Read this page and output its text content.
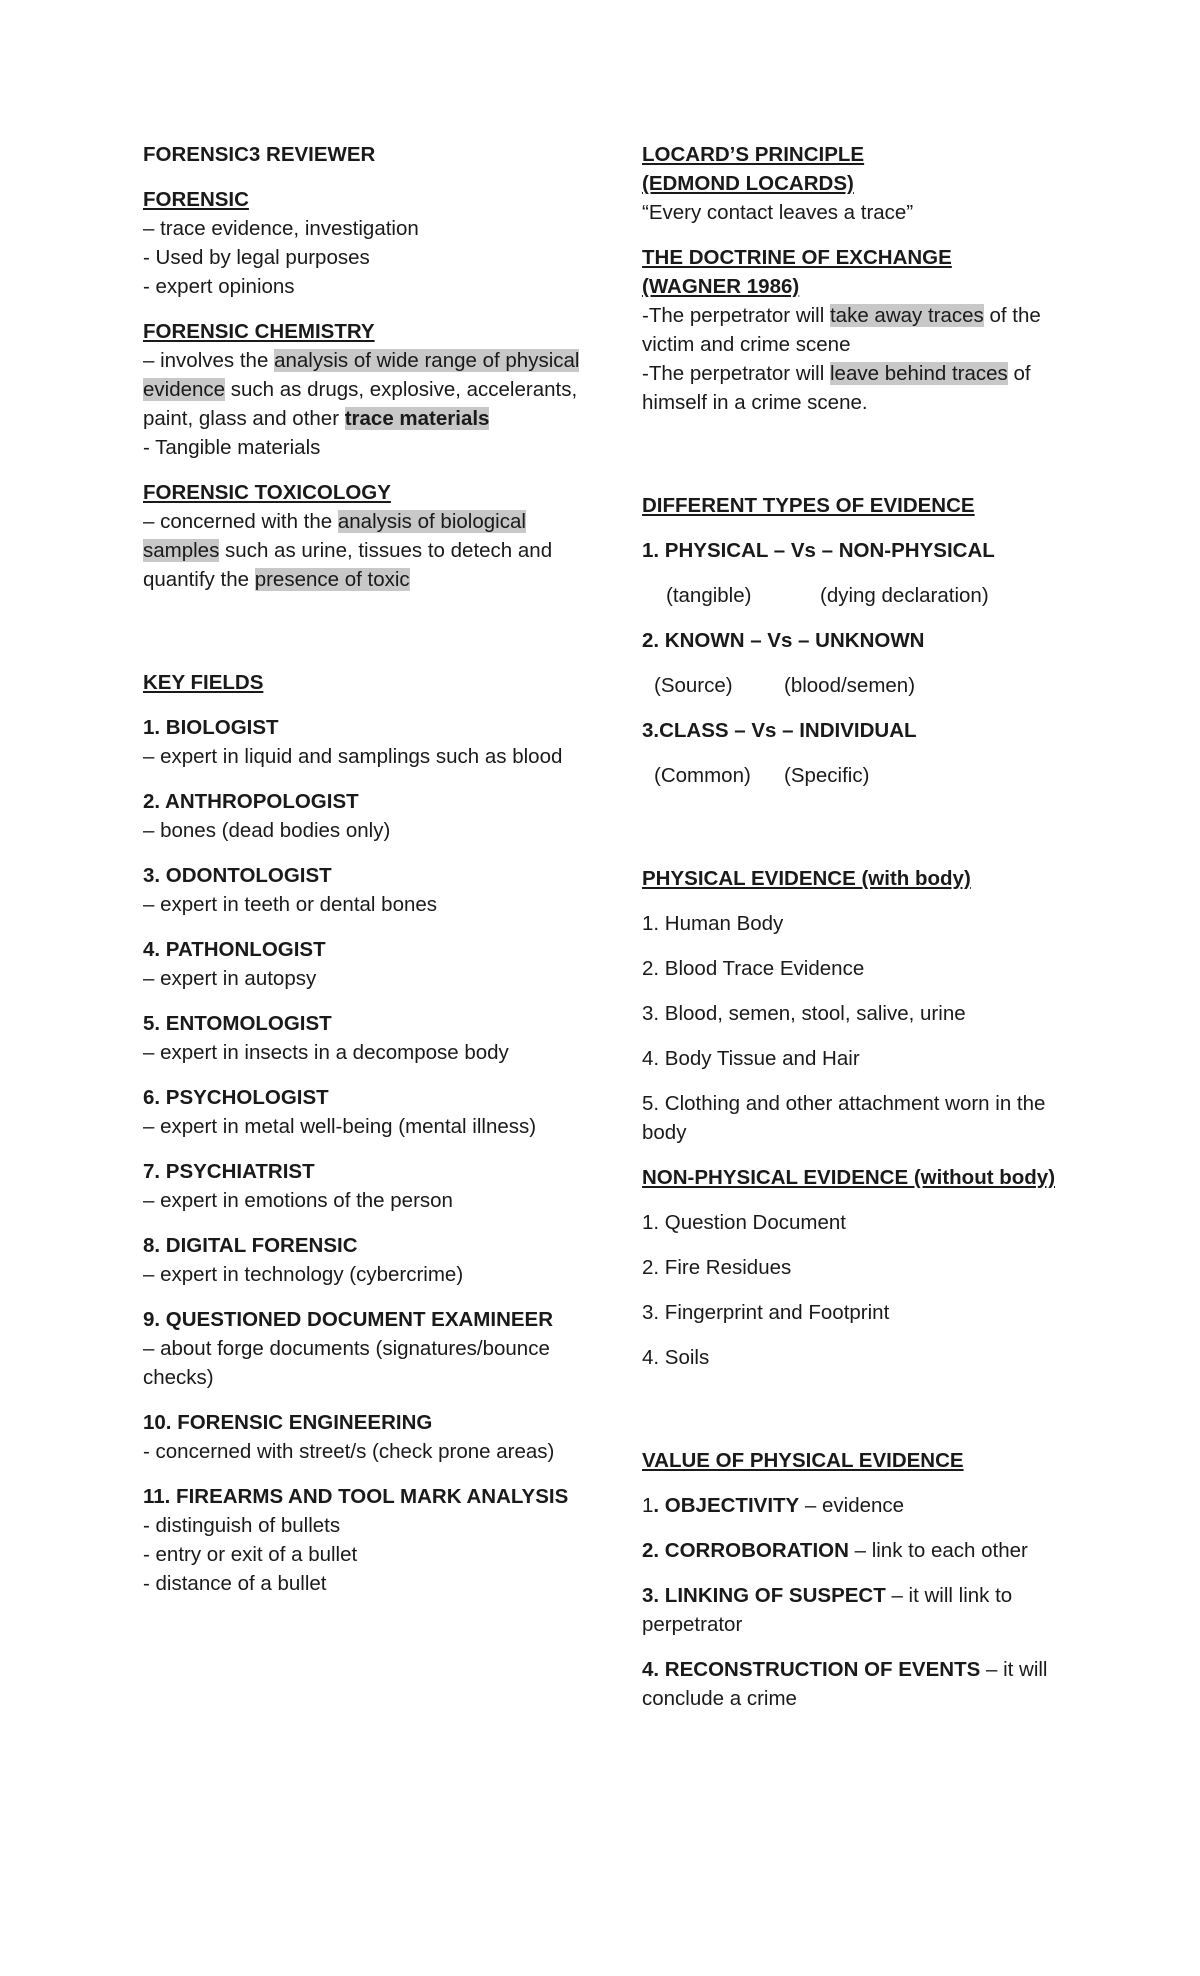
FORENSIC3 REVIEWER

FORENSIC

– trace evidence, investigation

- Used by legal purposes

- expert opinions

FORENSIC CHEMISTRY

– involves the analysis of wide range of physical evidence such as drugs, explosive, accelerants, paint, glass and other trace materials

- Tangible materials

FORENSIC TOXICOLOGY

– concerned with the analysis of biological samples such as urine, tissues to detech and quantify the presence of toxic

KEY FIELDS

1. BIOLOGIST

– expert in liquid and samplings such as blood

2. ANTHROPOLOGIST

– bones (dead bodies only)

3. ODONTOLOGIST

– expert in teeth or dental bones

4. PATHONLOGIST

– expert in autopsy

5. ENTOMOLOGIST

– expert in insects in a decompose body

6. PSYCHOLOGIST

– expert in metal well-being (mental illness)

7. PSYCHIATRIST

– expert in emotions of the person

8. DIGITAL FORENSIC

– expert in technology (cybercrime)

9. QUESTIONED DOCUMENT EXAMINEER

– about forge documents (signatures/bounce checks)

10. FORENSIC ENGINEERING

- concerned with street/s (check prone areas)

11. FIREARMS AND TOOL MARK ANALYSIS

- distinguish of bullets

- entry or exit of a bullet

- distance of a bullet

LOCARD’S PRINCIPLE

(EDMOND LOCARDS)

“Every contact leaves a trace”

THE DOCTRINE OF EXCHANGE

(WAGNER 1986)

-The perpetrator will take away traces of the victim and crime scene

-The perpetrator will leave behind traces of himself in a crime scene.

DIFFERENT TYPES OF EVIDENCE

1. PHYSICAL – Vs – NON-PHYSICAL

(tangible)	(dying declaration)

2. KNOWN – Vs – UNKNOWN

(Source)	(blood/semen)

3.CLASS – Vs – INDIVIDUAL

(Common)	(Specific)

PHYSICAL EVIDENCE (with body)

1. Human Body

2. Blood Trace Evidence

3. Blood, semen, stool, salive, urine

4. Body Tissue and Hair

5. Clothing and other attachment worn in the body

NON-PHYSICAL EVIDENCE (without body)

1. Question Document

2. Fire Residues

3. Fingerprint and Footprint

4. Soils

VALUE OF PHYSICAL EVIDENCE

1. OBJECTIVITY – evidence

2. CORROBORATION – link to each other

3. LINKING OF SUSPECT – it will link to perpetrator

4. RECONSTRUCTION OF EVENTS – it will conclude a crime
